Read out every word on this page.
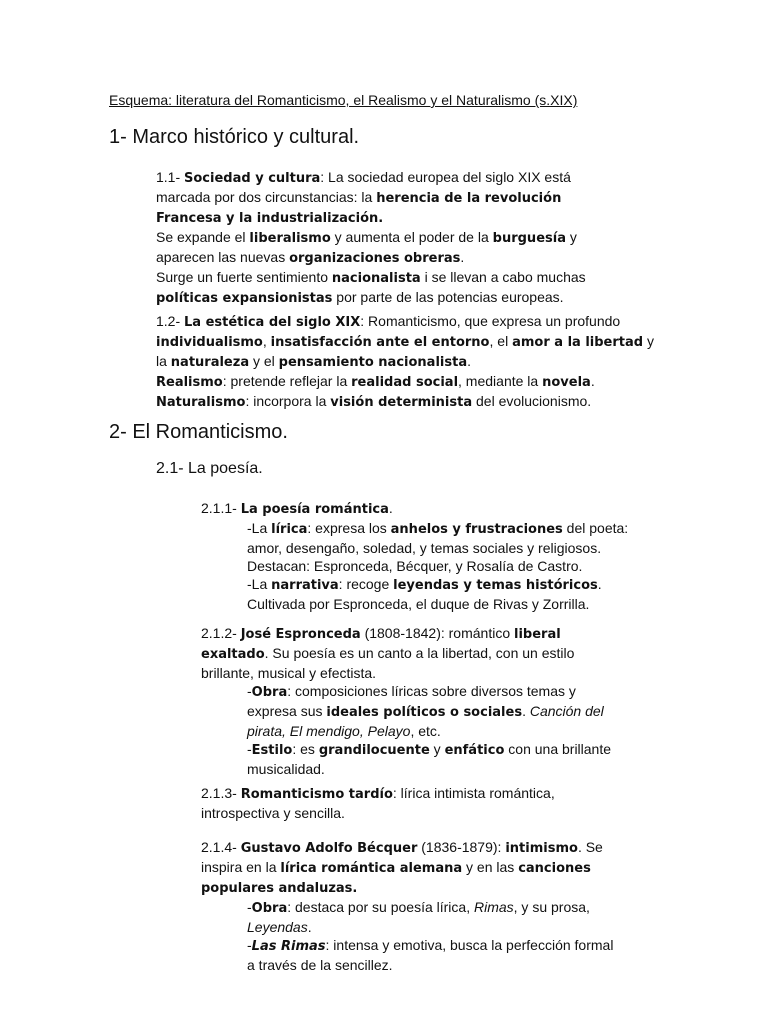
Esquema: literatura del Romanticismo, el Realismo y el Naturalismo (s.XIX)
1- Marco histórico y cultural.

1.1- Sociedad y cultura: La sociedad europea del siglo XIX está

marcada por dos circunstancias: la herencia de la revolución

Francesa y la industrialización.

Se expande el liberalismo y aumenta el poder de la burguesía y

aparecen las nuevas organizaciones obreras.

Surge un fuerte sentimiento nacionalista i se llevan a cabo muchas

políticas expansionistas por parte de las potencias europeas.

1.2- La estética del siglo XIX: Romanticismo, que expresa un profundo

individualismo, insatisfacción ante el entorno, el amor a la libertad y

la naturaleza y el pensamiento nacionalista.

Realismo: pretende reflejar la realidad social, mediante la novela.

Naturalismo: incorpora la visión determinista del evolucionismo.

2- El Romanticismo.
2.1- La poesía.

2.1.1- La poesía romántica.

-La lírica: expresa los anhelos y frustraciones del poeta:

amor, desengaño, soledad, y temas sociales y religiosos.

Destacan: Espronceda, Bécquer, y Rosalía de Castro.

-La narrativa: recoge leyendas y temas históricos.

Cultivada por Espronceda, el duque de Rivas y Zorrilla.

2.1.2- José Espronceda (1808-1842): romántico liberal

exaltado. Su poesía es un canto a la libertad, con un estilo

brillante, musical y efectista.

-Obra: composiciones líricas sobre diversos temas y

expresa sus ideales políticos o sociales. Canción del

pirata, El mendigo, Pelayo, etc.

-Estilo: es grandilocuente y enfático con una brillante

musicalidad.

2.1.3- Romanticismo tardío: lírica intimista romántica,

introspectiva y sencilla.

2.1.4- Gustavo Adolfo Bécquer (1836-1879): intimismo. Se

inspira en la lírica romántica alemana y en las canciones

populares andaluzas.

-Obra: destaca por su poesía lírica, Rimas, y su prosa,

Leyendas.

-Las Rimas: intensa y emotiva, busca la perfección formal

a través de la sencillez.
